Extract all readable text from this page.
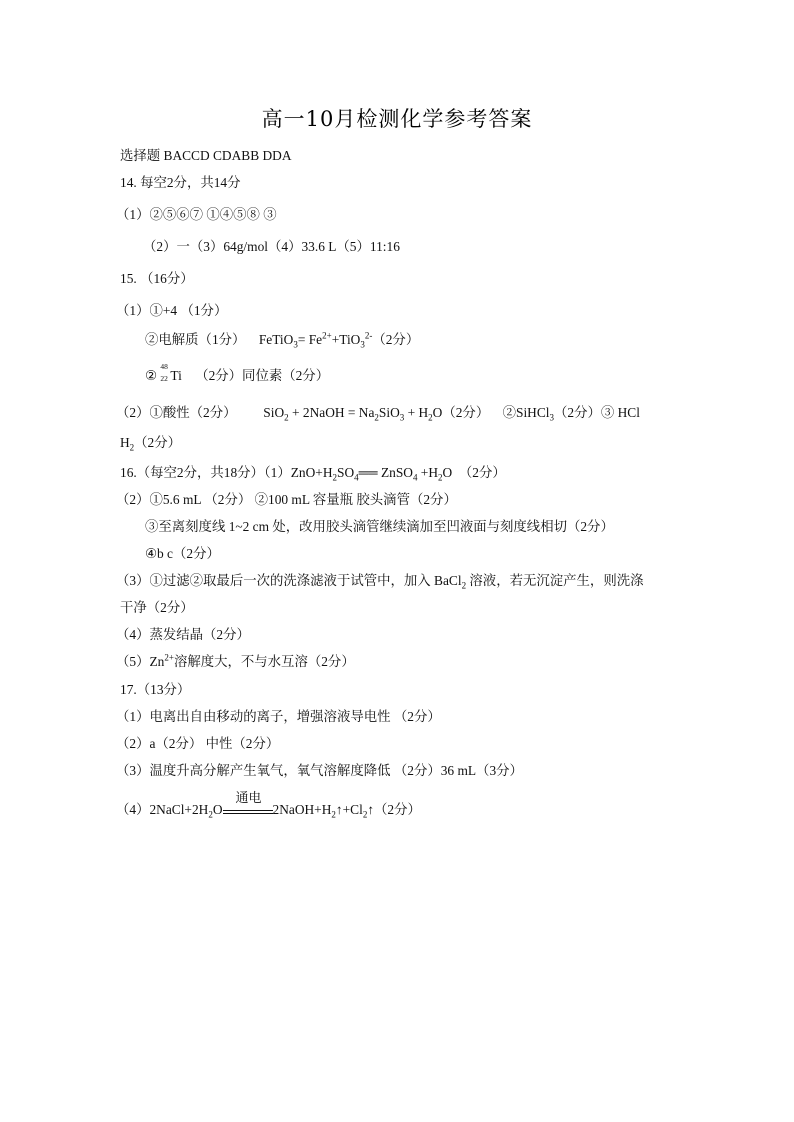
高一10月检测化学参考答案
选择题 BACCD CDABB DDA
14. 每空2分，共14分
（1）②⑤⑥⑦ ①④⑤⑧ ③
（2）一（3）64g/mol（4）33.6 L（5）11:16
15. （16分）
（1）①+4 （1分）
②电解质（1分）    FeTiO$_3$= $Fe^{2+}+TiO_3^{2-}(2$分）
②
48
22 Ti    （2分）同位素（2分）
（2）①酸性（2分）        SiO$_2$ + 2NaOH = $Na_2SiO_3 + H_2O(2$分）    ②SiHCl$_3$（2分）③ HCl
$H_2(2$分）
16.（每空2分，共18分）$(1)ZnO+H_2SO_4══$ ZnSO$_4$ $+H_2O$  （2分）
（2）①5.6 mL （2分） ②100 mL 容量瓶 胶头滴管（2分）
③至离刻度线 1~2 cm 处，改用胶头滴管继续滴加至凹液面与刻度线相切（2分）
④b c（2分）
（3）①过滤②取最后一次的洗涤滤液于试管中，加入 BaCl$_2$ 溶液，若无沉淀产生，则洗涤
干净（2分）
（4）蒸发结晶（2分）
$(5)Zn^{2+}$溶解度大，不与水互溶（2分）
17.（13分）
（1）电离出自由移动的离子，增强溶液导电性 （2分）
（2）a（2分） 中性（2分）
（3）温度升高分解产生氧气，氧气溶解度降低 （2分）36 mL（3分）
$(4)2NaCl+2H_2O$
通电
$2NaOH+H_2↑+Cl_2↑(2$分）
